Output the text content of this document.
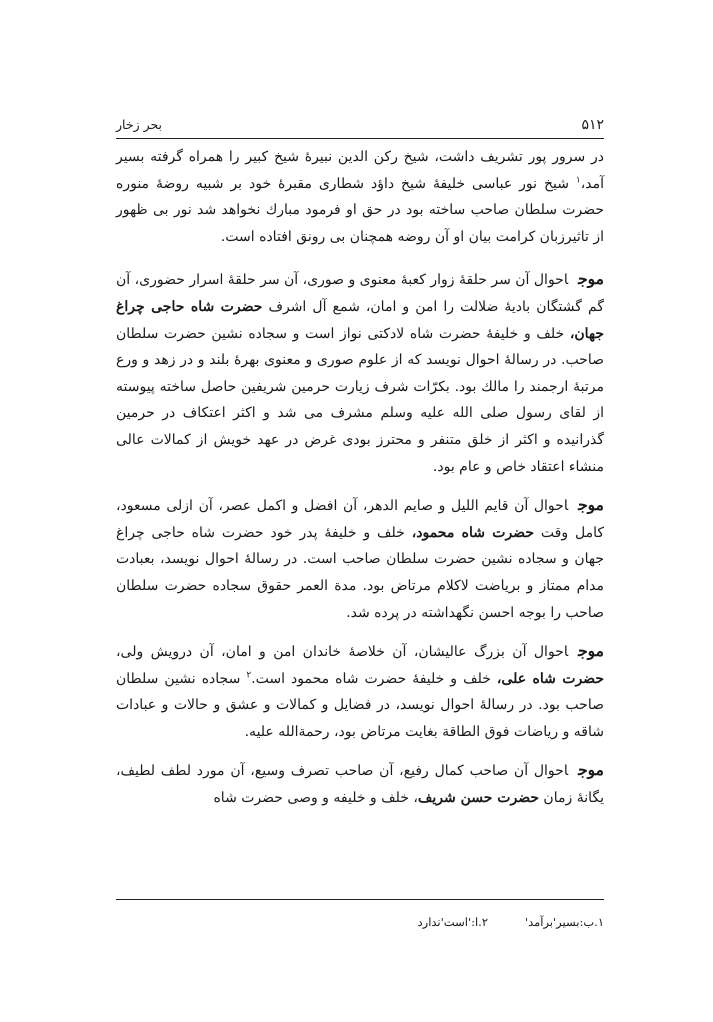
۵۱۲
بحر زخار

در سرور پور تشریف داشت، شیخ رکن الدین نبیرهٔ شیخ کبیر را همراه گرفته بسیر آمد،$^۱$ شیخ نور عباسی خلیفهٔ شیخ داؤد شطاری مقبرهٔ خود بر شبیه روضهٔ منوره حضرت سلطان صاحب ساخته بود در حق او فرمود مبارك نخواهد شد نور بی ظهور از تاثیرزبان کرامت بیان او آن روضه همچنان بی رونق افتاده است.

موجاحوال آن سر حلقهٔ زوار کعبهٔ معنوی و صوری، آن سر حلقهٔ اسرار حضوری، آن گم گشتگان بادیهٔ ضلالت را امن و امان، شمع آل اشرف حضرت شاه حاجی چراغ جهان، خلف و خلیفهٔ حضرت شاه لادکتی نواز است و سجاده نشین حضرت سلطان صاحب. در رسالهٔ احوال نویسد که از علوم صوری و معنوی بهرهٔ بلند و در زهد و ورع مرتبهٔ ارجمند را مالك بود. بکرّات شرف زیارت حرمین شریفین حاصل ساخته پیوسته از لقای رسول صلی الله علیه وسلم مشرف می شد و اکثر اعتکاف در حرمین گذرانیده و اکثر از خلق متنفر و محترز بودی غرض در عهد خویش از کمالات عالی منشاء اعتقاد خاص و عام بود.

موجاحوال آن قایم اللیل و صایم الدهر، آن افضل و اکمل عصر، آن ازلی مسعود، کامل وقت حضرت شاه محمود، خلف و خلیفهٔ پدر خود حضرت شاه حاجی چراغ جهان و سجاده نشین حضرت سلطان صاحب است. در رسالهٔ احوال نویسد، بعبادت مدام ممتاز و بریاضت لاکلام مرتاض بود. مدة العمر حقوق سجاده حضرت سلطان صاحب را بوجه احسن نگهداشته در پرده شد.

موجاحوال آن بزرگ عالیشان، آن خلاصهٔ خاندان امن و امان، آن درویش ولی، حضرت شاه علی، خلف و خلیفهٔ حضرت شاه محمود است.$^۲$ سجاده نشین سلطان صاحب بود. در رسالهٔ احوال نویسد، در فضایل و کمالات و عشق و حالات و عبادات شاقه و ریاضات فوق الطاقة بغایت مرتاض بود، رحمةالله علیه.

موجاحوال آن صاحب کمال رفیع، آن صاحب تصرف وسیع، آن مورد لطف لطیف، یگانهٔ زمان حضرت حسن شریف، خلف و خلیفه و وصی حضرت شاه

۱.ب:بسیر'برآمد'
۲.ا:'است'ندارد
